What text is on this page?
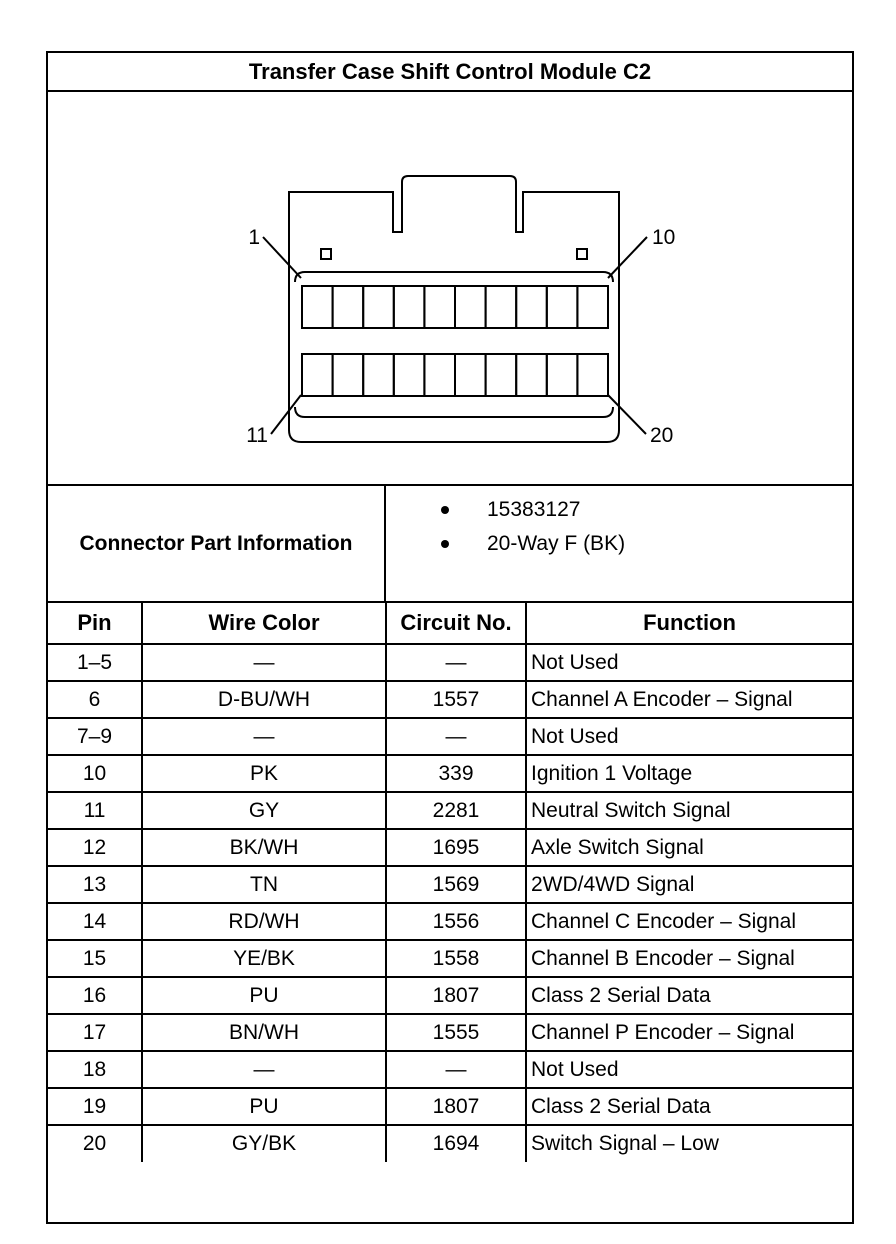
Transfer Case Shift Control Module C2
1	10
11	20
Connector Part Information
15383127
20-Way F (BK)
Pin	Wire Color	Circuit No.	Function
1–5	—	—	Not Used
6	D-BU/WH	1557	Channel A Encoder – Signal
7–9	—	—	Not Used
10	PK	339	Ignition 1 Voltage
11	GY	2281	Neutral Switch Signal
12	BK/WH	1695	Axle Switch Signal
13	TN	1569	2WD/4WD Signal
14	RD/WH	1556	Channel C Encoder – Signal
15	YE/BK	1558	Channel B Encoder – Signal
16	PU	1807	Class 2 Serial Data
17	BN/WH	1555	Channel P Encoder – Signal
18	—	—	Not Used
19	PU	1807	Class 2 Serial Data
20	GY/BK	1694	Switch Signal – Low
